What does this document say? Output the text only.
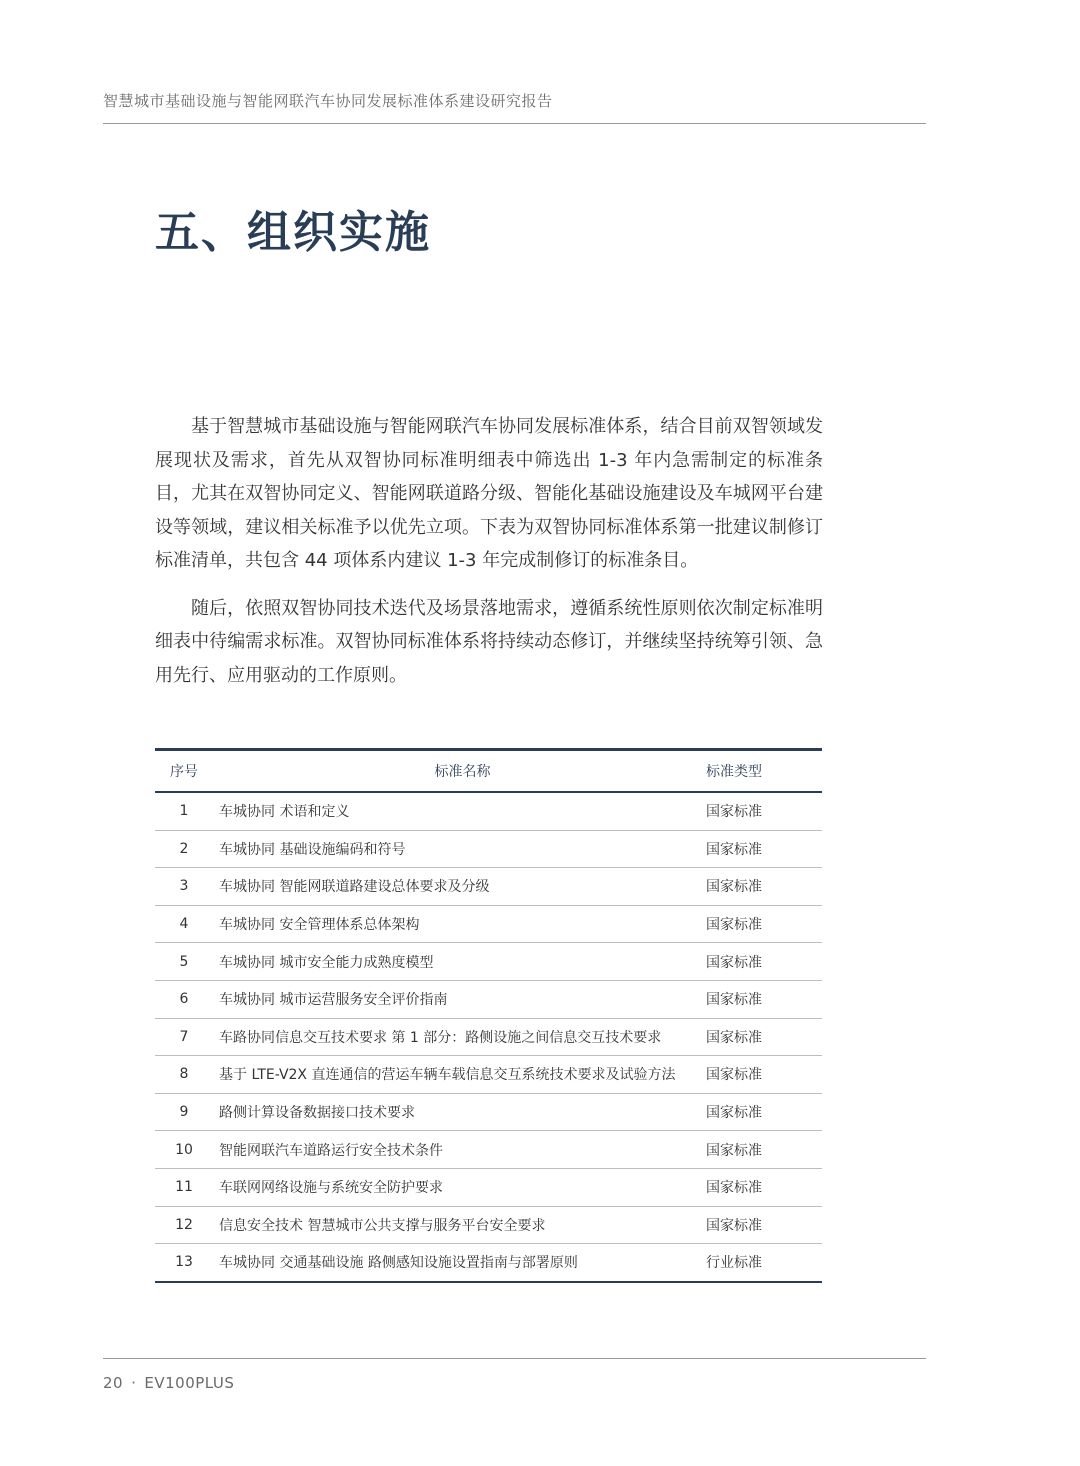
智慧城市基础设施与智能网联汽车协同发展标准体系建设研究报告
五、组织实施

基于智慧城市基础设施与智能网联汽车协同发展标准体系，结合目前双智领域发展现状及需求，首先从双智协同标准明细表中筛选出 1-3 年内急需制定的标准条目，尤其在双智协同定义、智能网联道路分级、智能化基础设施建设及车城网平台建设等领域，建议相关标准予以优先立项。下表为双智协同标准体系第一批建议制修订标准清单，共包含 44 项体系内建议 1-3 年完成制修订的标准条目。

随后，依照双智协同技术迭代及场景落地需求，遵循系统性原则依次制定标准明细表中待编需求标准。双智协同标准体系将持续动态修订，并继续坚持统筹引领、急用先行、应用驱动的工作原则。

序号	标准名称	标准类型
1	车城协同 术语和定义	国家标准
2	车城协同 基础设施编码和符号	国家标准
3	车城协同 智能网联道路建设总体要求及分级	国家标准
4	车城协同 安全管理体系总体架构	国家标准
5	车城协同 城市安全能力成熟度模型	国家标准
6	车城协同 城市运营服务安全评价指南	国家标准
7	车路协同信息交互技术要求 第 1 部分：路侧设施之间信息交互技术要求	国家标准
8	基于 LTE-V2X 直连通信的营运车辆车载信息交互系统技术要求及试验方法	国家标准
9	路侧计算设备数据接口技术要求	国家标准
10	智能网联汽车道路运行安全技术条件	国家标准
11	车联网网络设施与系统安全防护要求	国家标准
12	信息安全技术 智慧城市公共支撑与服务平台安全要求	国家标准
13	车城协同 交通基础设施 路侧感知设施设置指南与部署原则	行业标准
20 · EV100PLUS
